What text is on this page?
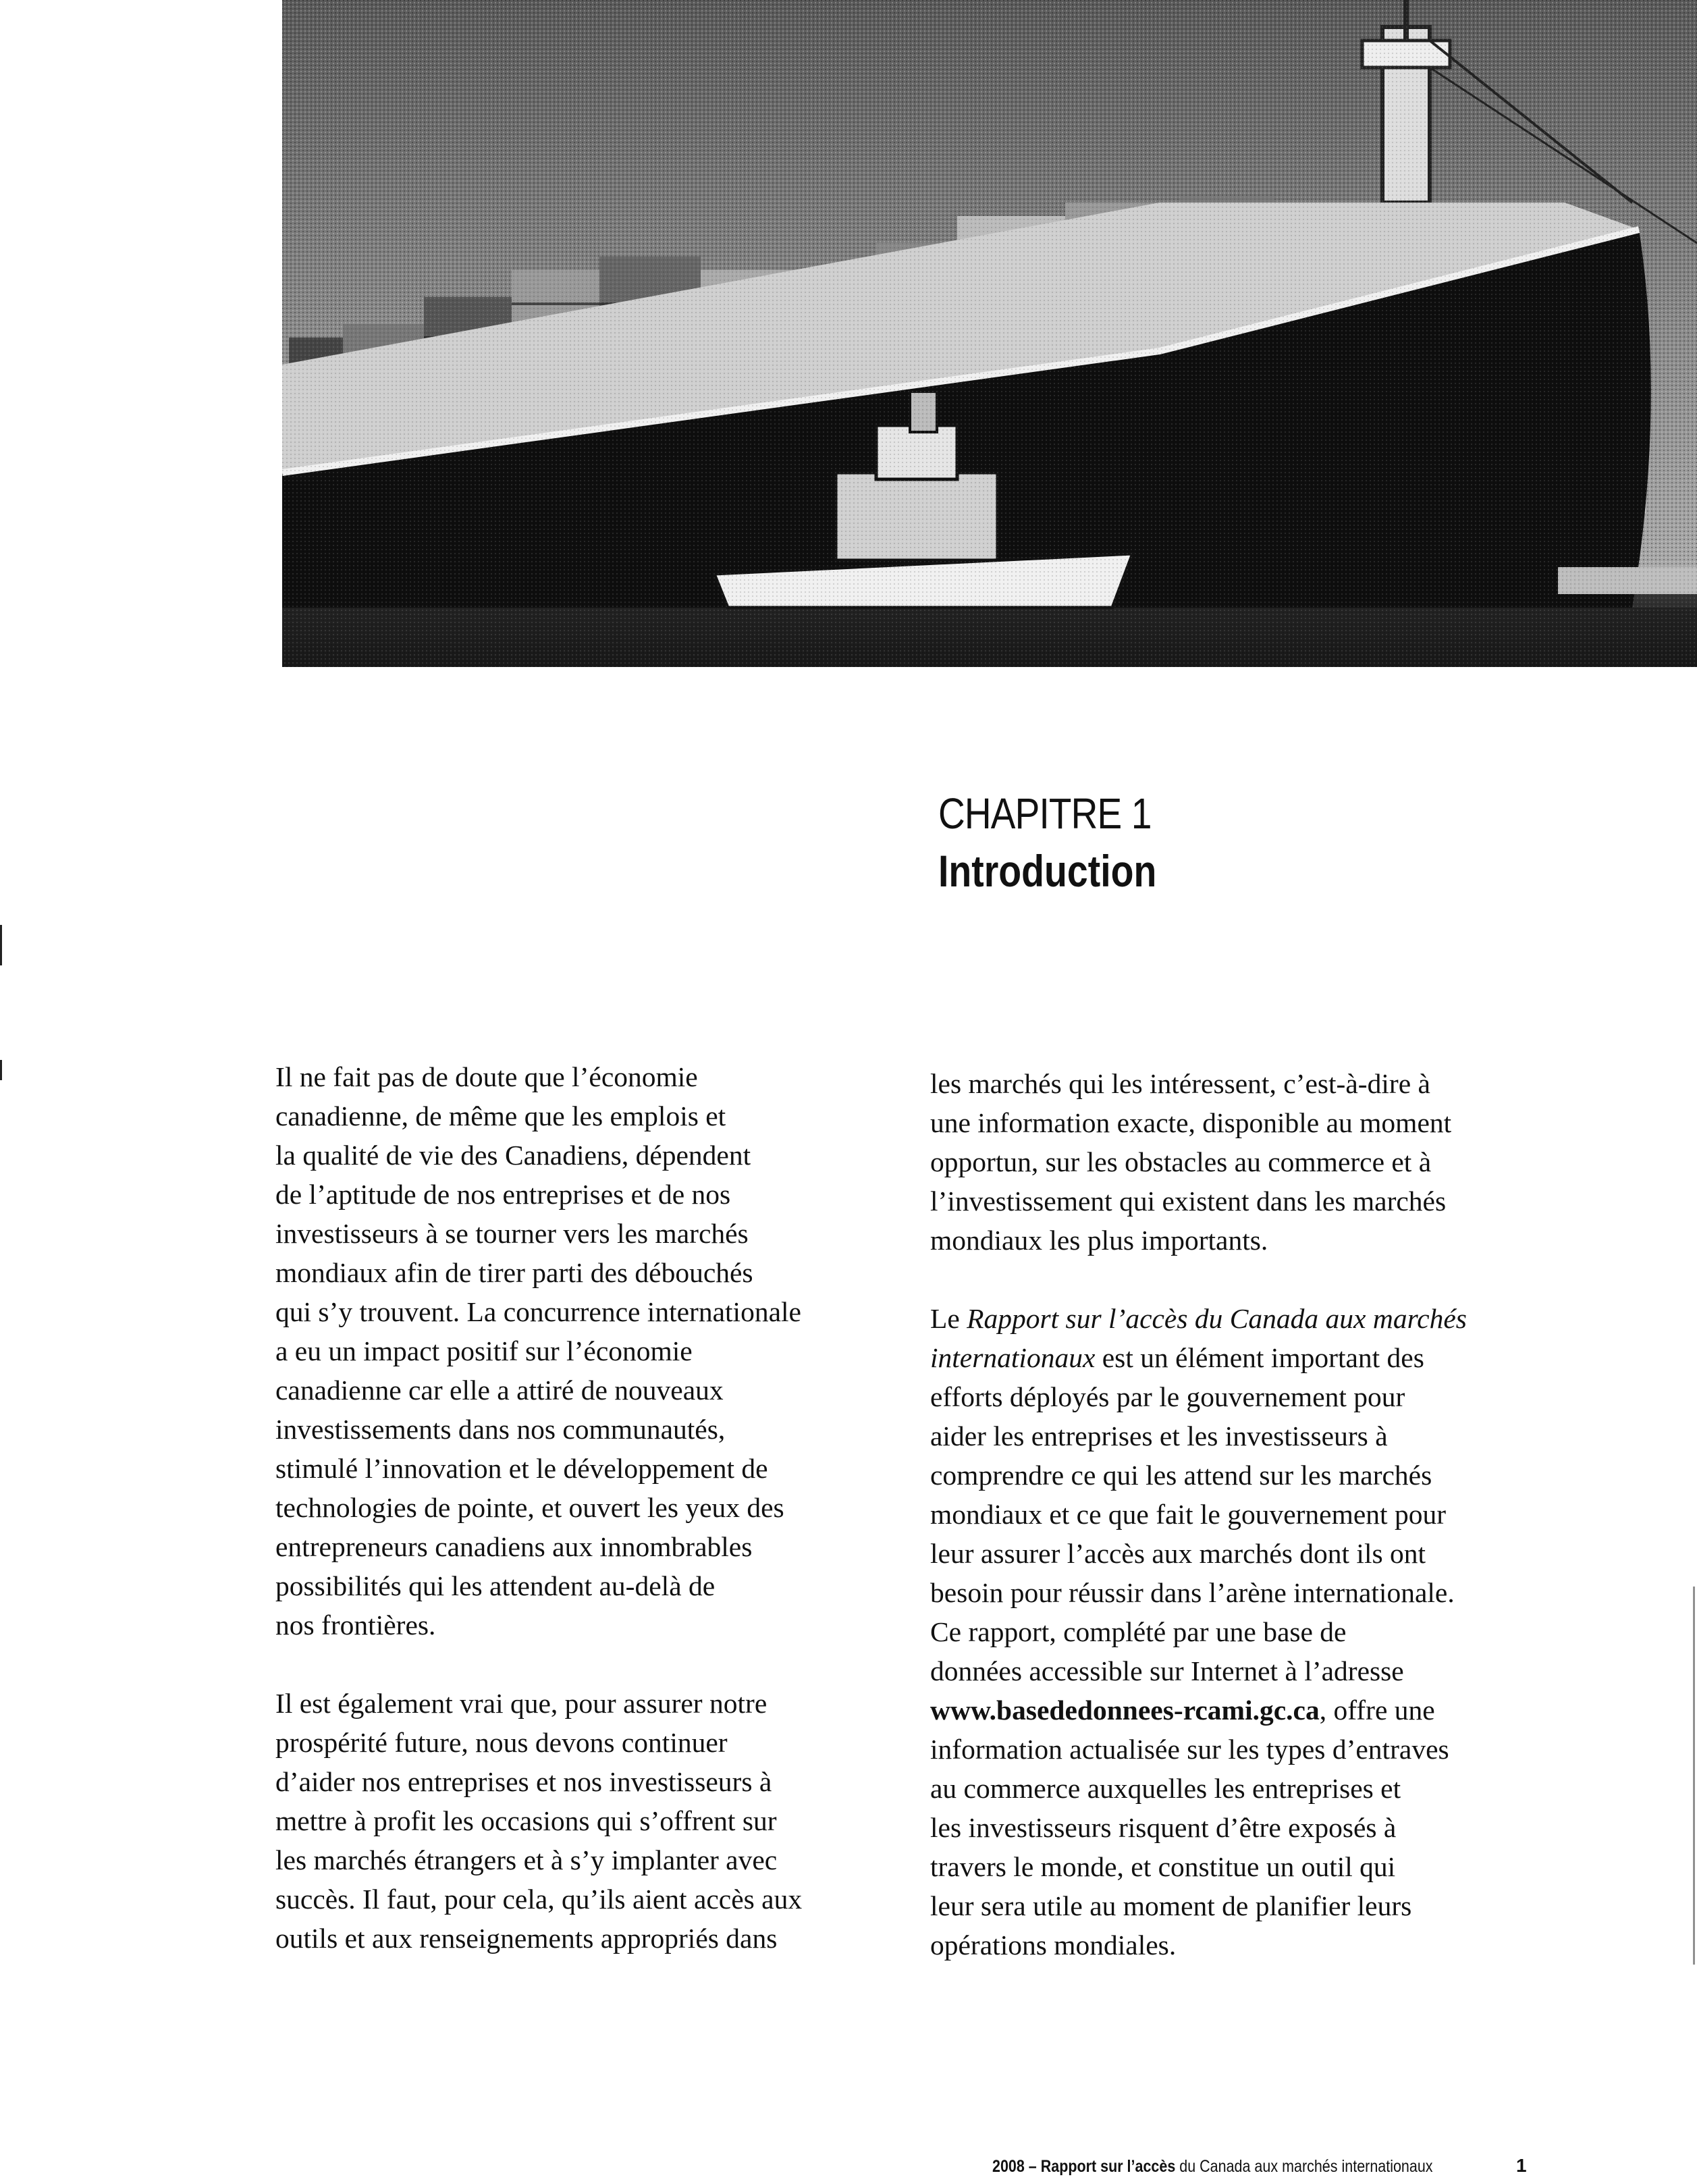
CHAPITRE 1
Introduction
Il ne fait pas de doute que l’économie
canadienne, de même que les emplois et
la qualité de vie des Canadiens, dépendent
de l’aptitude de nos entreprises et de nos
investisseurs à se tourner vers les marchés
mondiaux afin de tirer parti des débouchés
qui s’y trouvent. La concurrence internationale
a eu un impact positif sur l’économie
canadienne car elle a attiré de nouveaux
investissements dans nos communautés,
stimulé l’innovation et le développement de
technologies de pointe, et ouvert les yeux des
entrepreneurs canadiens aux innombrables
possibilités qui les attendent au-delà de
nos frontières.
Il est également vrai que, pour assurer notre
prospérité future, nous devons continuer
d’aider nos entreprises et nos investisseurs à
mettre à profit les occasions qui s’offrent sur
les marchés étrangers et à s’y implanter avec
succès. Il faut, pour cela, qu’ils aient accès aux
outils et aux renseignements appropriés dans
les marchés qui les intéressent, c’est-à-dire à
une information exacte, disponible au moment
opportun, sur les obstacles au commerce et à
l’investissement qui existent dans les marchés
mondiaux les plus importants.
Le Rapport sur l’accès du Canada aux marchés
internationaux est un élément important des
efforts déployés par le gouvernement pour
aider les entreprises et les investisseurs à
comprendre ce qui les attend sur les marchés
mondiaux et ce que fait le gouvernement pour
leur assurer l’accès aux marchés dont ils ont
besoin pour réussir dans l’arène internationale.
Ce rapport, complété par une base de
données accessible sur Internet à l’adresse
www.basededonnees-rcami.gc.ca, offre une
information actualisée sur les types d’entraves
au commerce auxquelles les entreprises et
les investisseurs risquent d’être exposés à
travers le monde, et constitue un outil qui
leur sera utile au moment de planifier leurs
opérations mondiales.
2008 – Rapport sur l’accès du Canada aux marchés internationaux	1
